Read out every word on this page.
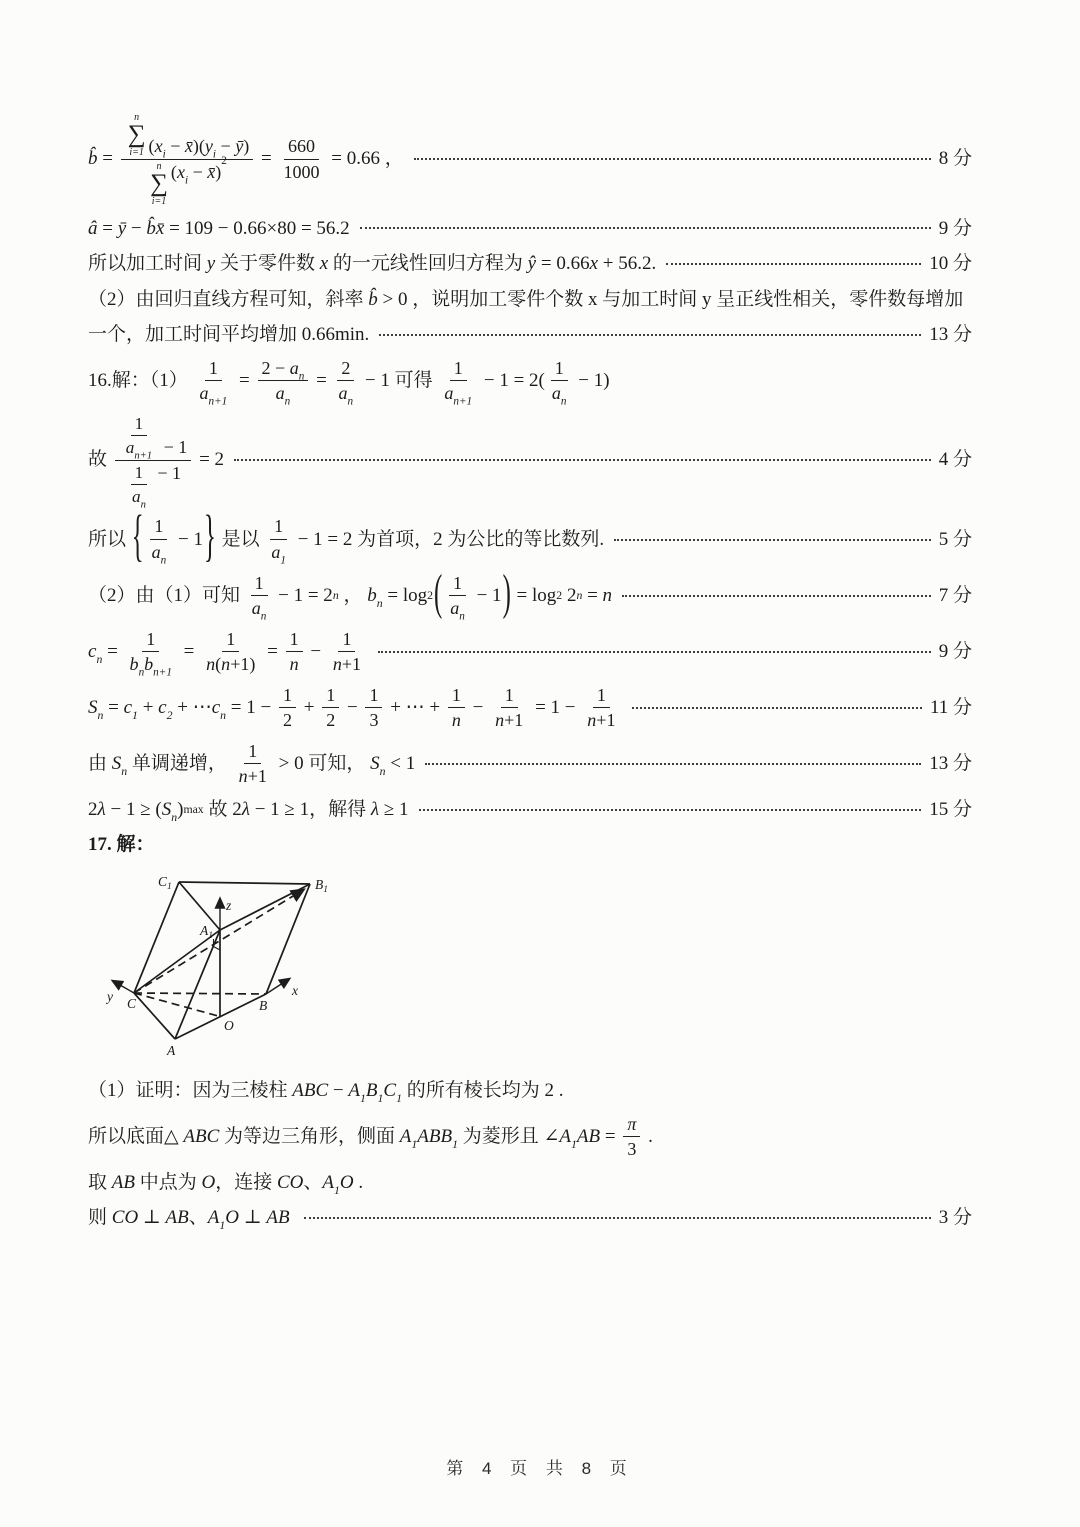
b̂ = n
∑
i=1 ( $x_i$ − x̄ )( $y_i$ − ȳ )
n
∑
i=1
( $x_i$ − x̄ )
$2 = \frac{660}{1000} = 0.66$ ，	8 分
â = ȳ − b̂x̄ = 109 − 0.66×80 = 56.2	9 分
所以加工时间 y 关于零件数 x 的一元线性回归方程为 ŷ = 0.66 x + 56.2.	10 分
（2）由回归直线方程可知，斜率 b̂ > 0 ，说明加工零件个数 x 与加工时间 y 呈正线性相关，零件数每增加
一个，加工时间平均增加 0.66min.	13 分
16.解：$(1) \frac{1}{a_{n+1}} = \frac{2 - a_n}{a_n} = \frac{2}{a_n} - 1$ 可得 $\frac{1}{a_{n+1}} - 1 = 2( \frac{1}{a_n} - 1)$
故 $\frac{\frac{1}{a_{n+1}} - 1}{\frac{1}{a_n} - 1} = 2$	4 分
所以 { $\frac{1}{a_n} - 1$ } 是以 $\frac{1}{a_1} - 1 = 2$ 为首项，2 为公比的等比数列.	5 分
（2）由（1）可知 $\frac{1}{a_n} - 1 = 2$ n ， $b_n = \log 2$ ( $\frac{1}{a_n} - 1$ ) = log 2 2 n = n	7 分
$c_n = \frac{1}{b_n b_{n+1}} = \frac{1}{n ( n +1)} = \frac{1}{n} - \frac{1}{n +1}$	9 分
$S_n = c_1 + c_2$ + ⋯ $c_n = 1 - \frac{1}{2} + \frac{1}{2} - \frac{1}{3}$ + ⋯ + $\frac{1}{n} - \frac{1}{n +1} = 1 - \frac{1}{n +1}$	11 分
由 $S_n$ 单调递增， $\frac{1}{n +1} > 0$ 可知， $S_n < 1$	13 分
2 λ − 1 ≥ ( $S_n$ ) max 故 2 λ − 1 ≥ 1，解得 λ ≥ 1	15 分
17. 解：
$C_1$	$B_1$
$A_1$
C	B
O
A
z
x
y
（1）证明：因为三棱柱 ABC − $A_1$ $B_1$ $C_1$ 的所有棱长均为 2 .
所以底面△ ABC 为等边三角形，侧面 $A_1$ $ABB_1$ 为菱形且 ∠ $A_1$ AB = $\frac{\pi}{3}$ .
取 AB 中点为 O ，连接 CO 、 $A_1$ O .
则 CO ⊥ AB 、 $A_1$ O ⊥ AB
	3 分
第 4 页 共 8 页
